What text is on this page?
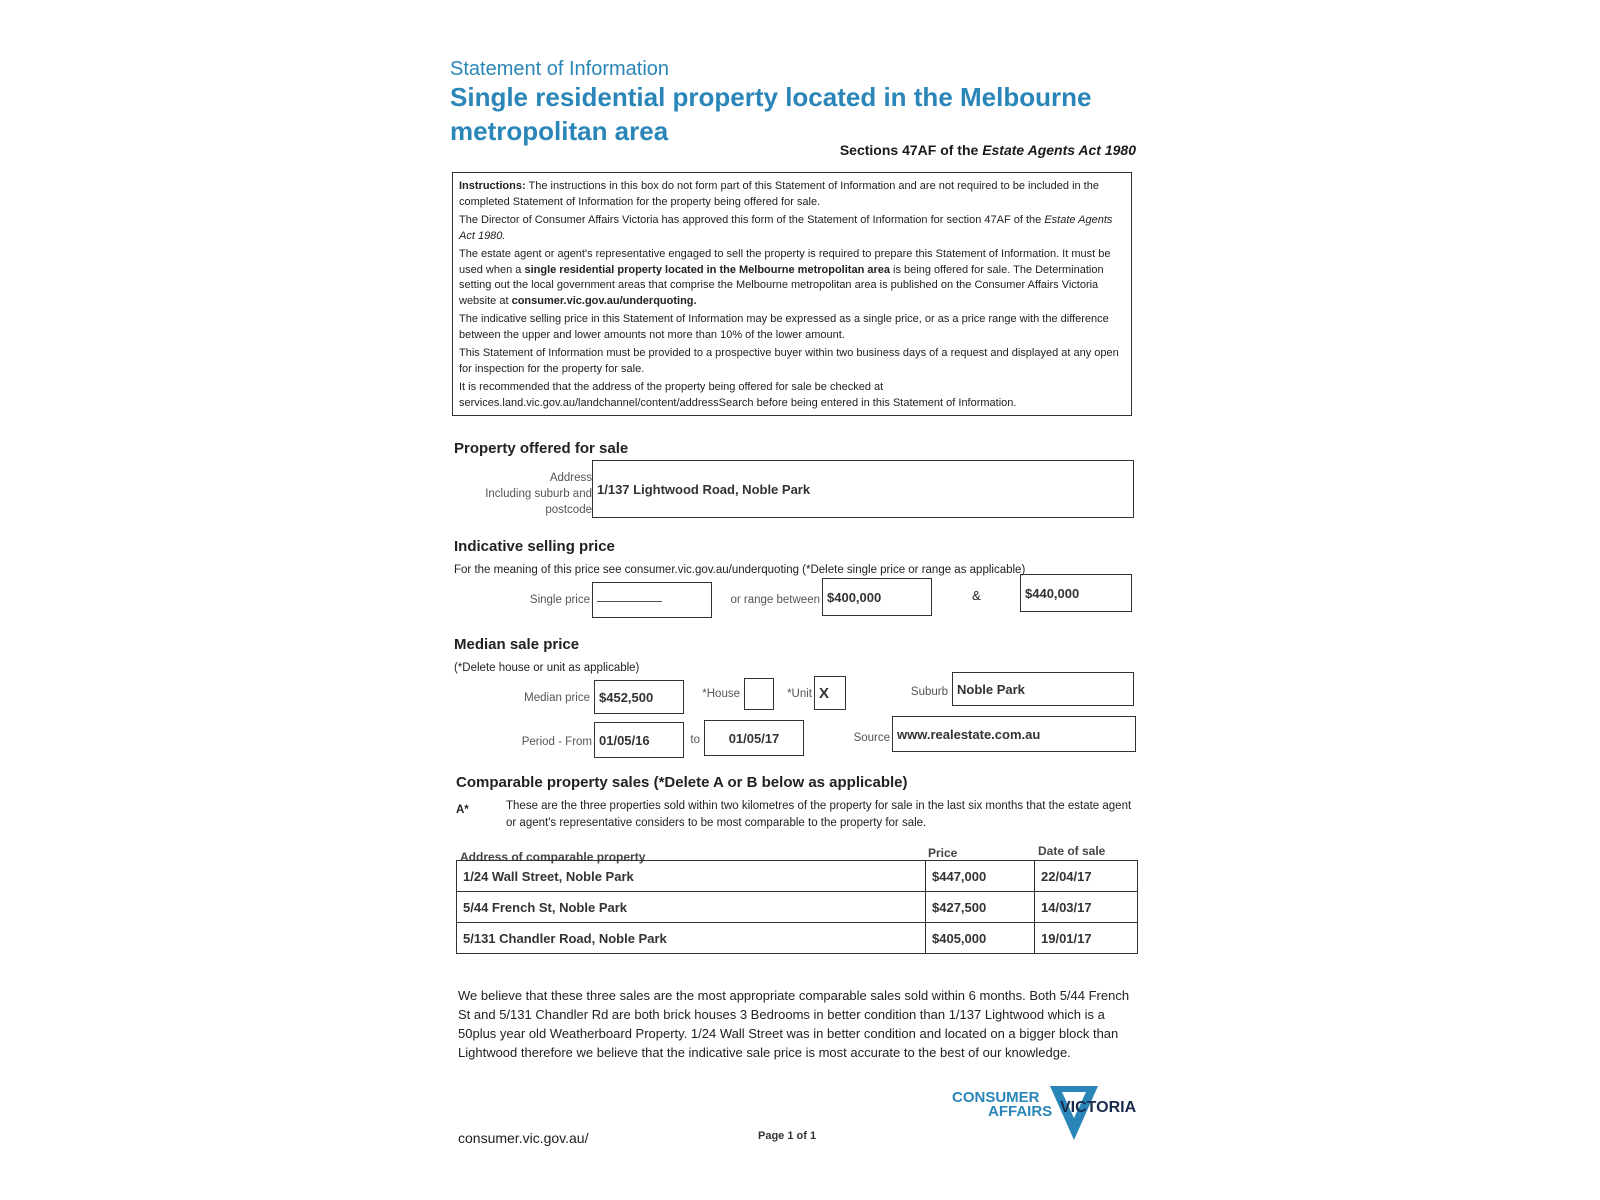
Statement of Information
Single residential property located in the Melbourne metropolitan area
Sections 47AF of the Estate Agents Act 1980

Instructions: The instructions in this box do not form part of this Statement of Information and are not required to be included in the completed Statement of Information for the property being offered for sale.

The Director of Consumer Affairs Victoria has approved this form of the Statement of Information for section 47AF of the Estate Agents Act 1980.

The estate agent or agent's representative engaged to sell the property is required to prepare this Statement of Information. It must be used when a single residential property located in the Melbourne metropolitan area is being offered for sale. The Determination setting out the local government areas that comprise the Melbourne metropolitan area is published on the Consumer Affairs Victoria website at consumer.vic.gov.au/underquoting.

The indicative selling price in this Statement of Information may be expressed as a single price, or as a price range with the difference between the upper and lower amounts not more than 10% of the lower amount.

This Statement of Information must be provided to a prospective buyer within two business days of a request and displayed at any open for inspection for the property for sale.

It is recommended that the address of the property being offered for sale be checked at services.land.vic.gov.au/landchannel/content/addressSearch before being entered in this Statement of Information.

Property offered for sale
Address
Including suburb and
postcode
1/137 Lightwood Road, Noble Park
Indicative selling price
For the meaning of this price see consumer.vic.gov.au/underquoting (*Delete single price or range as applicable)
Single price —————	or range between $400,000	&	$440,000
Median sale price
(*Delete house or unit as applicable)
Median price $452,500	*House	*Unit X	Suburb Noble Park
Period - From 01/05/16	to	01/05/17	Source www.realestate.com.au
Comparable property sales (*Delete A or B below as applicable)
A*	These are the three properties sold within two kilometres of the property for sale in the last six months that the estate agent or agent's representative considers to be most comparable to the property for sale.
Address of comparable property	Price	Date of sale
1/24 Wall Street, Noble Park	$447,000	22/04/17
5/44 French St, Noble Park	$427,500	14/03/17
5/131 Chandler Road, Noble Park	$405,000	19/01/17
We believe that these three sales are the most appropriate comparable sales sold within 6 months. Both 5/44 French St and 5/131 Chandler Rd are both brick houses 3 Bedrooms in better condition than 1/137 Lightwood which is a 50plus year old Weatherboard Property. 1/24 Wall Street was in better condition and located on a bigger block than Lightwood therefore we believe that the indicative sale price is most accurate to the best of our knowledge.
CONSUMER
AFFAIRS VICTORIA
consumer.vic.gov.au/	Page 1 of 1
